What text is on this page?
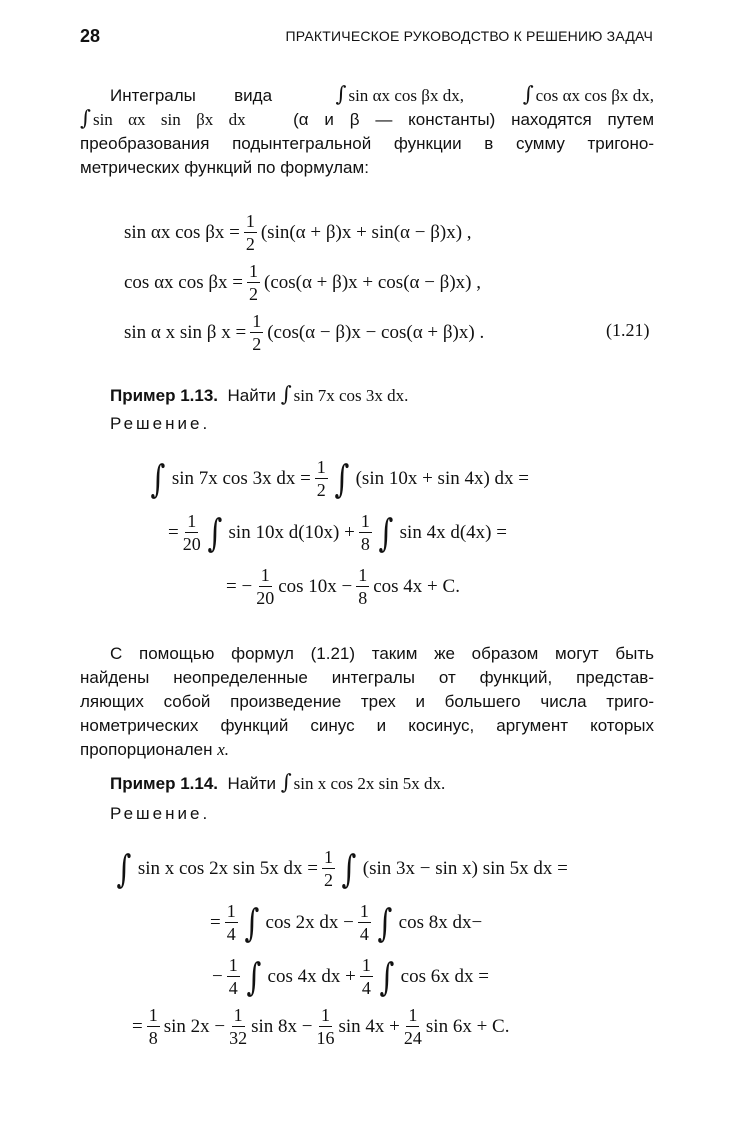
28	ПРАКТИЧЕСКОЕ РУКОВОДСТВО К РЕШЕНИЮ ЗАДАЧ
Интегралы вида	∫ sin αx cos βx dx,	∫ cos αx cos βx dx,
∫ sin αx sin βx dx	(α и β — константы) находятся путем
преобразования подынтегральной функции в сумму тригоно-
метрических функций по формулам:
sin αx $\cos \beta x = \frac{1}{2} (\sin(\alpha + \beta)x + \sin(\alpha - \beta)x)$ ,
cos αx $\cos \beta x = \frac{1}{2} (\cos(\alpha + \beta)x + \cos(\alpha - \beta)x)$ ,
sin α x sin β $x = \frac{1}{2} (\cos(\alpha - \beta)x - \cos(\alpha + \beta)x)$ .	(1.21)
Пример 1.13. Найти ∫ sin 7x cos 3x dx.
Решение.
∫ sin 7x cos 3x dx = $\frac{1}{2}$ ∫ (sin 10x + sin 4x) dx =
= $\frac{1}{20}$ ∫ sin 10x $d(10x) + \frac{1}{8}$ ∫ sin 4x d(4x) =
= − $\frac{1}{20}$ $\cos 10x - \frac{1}{8}$ cos 4x + C.
С помощью формул (1.21) таким же образом могут быть
найдены неопределенные интегралы от функций, представ-
ляющих собой произведение трех и большего числа триго-
нометрических функций синус и косинус, аргумент которых
пропорционален x.
Пример 1.14. Найти ∫ sin x cos 2x sin 5x dx.
Решение.
∫ sin x cos 2x sin 5x dx = $\frac{1}{2}$ ∫ (sin 3x − sin x) sin 5x dx =
= $\frac{1}{4}$ ∫ cos 2x dx − $\frac{1}{4}$ ∫ cos 8x dx−
− $\frac{1}{4}$ ∫ cos 4x dx + $\frac{1}{4}$ ∫ cos 6x dx =
= $\frac{1}{8}$ $\sin 2x - \frac{1}{32}$ $\sin 8x - \frac{1}{16}$ $\sin 4x + \frac{1}{24}$ sin 6x + C.
